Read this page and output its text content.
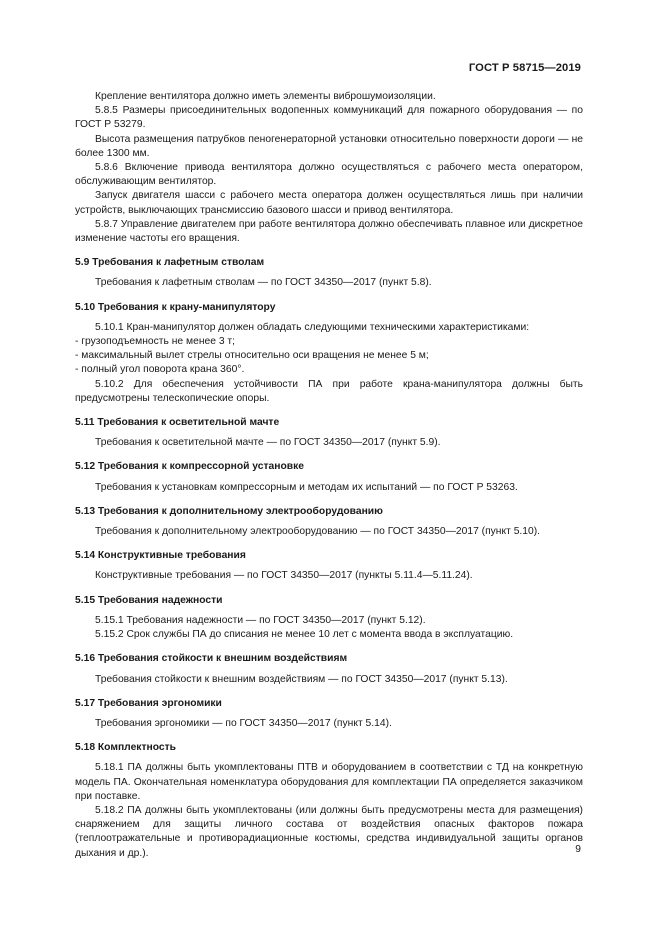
ГОСТ Р 58715—2019

Крепление вентилятора должно иметь элементы виброшумоизоляции.

5.8.5 Размеры присоединительных водопенных коммуникаций для пожарного оборудования — по ГОСТ Р 53279.

Высота размещения патрубков пеногенераторной установки относительно поверхности дороги — не более 1300 мм.

5.8.6 Включение привода вентилятора должно осуществляться с рабочего места оператором, обслуживающим вентилятор.

Запуск двигателя шасси с рабочего места оператора должен осуществляться лишь при наличии устройств, выключающих трансмиссию базового шасси и привод вентилятора.

5.8.7 Управление двигателем при работе вентилятора должно обеспечивать плавное или дискретное изменение частоты его вращения.

5.9 Требования к лафетным стволам

Требования к лафетным стволам — по ГОСТ 34350—2017 (пункт 5.8).

5.10 Требования к крану-манипулятору

5.10.1 Кран-манипулятор должен обладать следующими техническими характеристиками:

- грузоподъемность не менее 3 т;

- максимальный вылет стрелы относительно оси вращения не менее 5 м;

- полный угол поворота крана 360°.

5.10.2 Для обеспечения устойчивости ПА при работе крана-манипулятора должны быть предусмотрены телескопические опоры.

5.11 Требования к осветительной мачте

Требования к осветительной мачте — по ГОСТ 34350—2017 (пункт 5.9).

5.12 Требования к компрессорной установке

Требования к установкам компрессорным и методам их испытаний — по ГОСТ Р 53263.

5.13 Требования к дополнительному электрооборудованию

Требования к дополнительному электрооборудованию — по ГОСТ 34350—2017 (пункт 5.10).

5.14 Конструктивные требования

Конструктивные требования — по ГОСТ 34350—2017 (пункты 5.11.4—5.11.24).

5.15 Требования надежности

5.15.1 Требования надежности — по ГОСТ 34350—2017 (пункт 5.12).

5.15.2 Срок службы ПА до списания не менее 10 лет с момента ввода в эксплуатацию.

5.16 Требования стойкости к внешним воздействиям

Требования стойкости к внешним воздействиям — по ГОСТ 34350—2017 (пункт 5.13).

5.17 Требования эргономики

Требования эргономики — по ГОСТ 34350—2017 (пункт 5.14).

5.18 Комплектность

5.18.1 ПА должны быть укомплектованы ПТВ и оборудованием в соответствии с ТД на конкретную модель ПА. Окончательная номенклатура оборудования для комплектации ПА определяется заказчиком при поставке.

5.18.2 ПА должны быть укомплектованы (или должны быть предусмотрены места для размещения) снаряжением для защиты личного состава от воздействия опасных факторов пожара (теплоотражательные и противорадиационные костюмы, средства индивидуальной защиты органов дыхания и др.).	9
